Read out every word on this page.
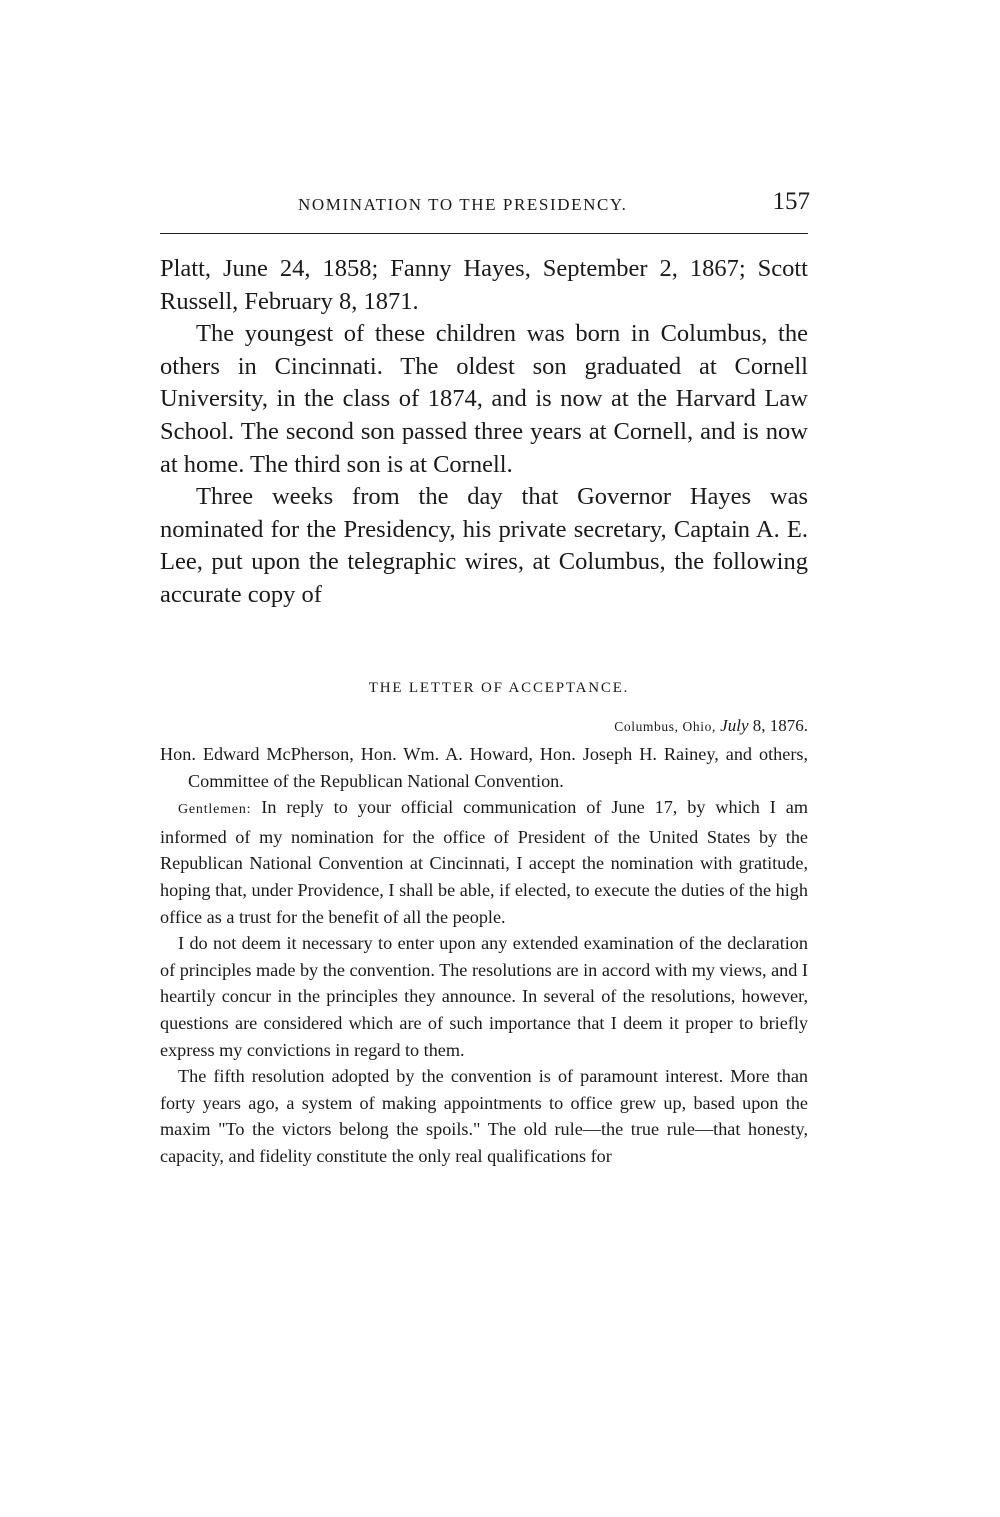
NOMINATION TO THE PRESIDENCY.	157

Platt, June 24, 1858; Fanny Hayes, September 2, 1867; Scott Russell, February 8, 1871.

The youngest of these children was born in Columbus, the others in Cincinnati. The oldest son graduated at Cornell University, in the class of 1874, and is now at the Harvard Law School. The second son passed three years at Cornell, and is now at home. The third son is at Cornell.

Three weeks from the day that Governor Hayes was nominated for the Presidency, his private secretary, Captain A. E. Lee, put upon the telegraphic wires, at Columbus, the following accurate copy of

THE LETTER OF ACCEPTANCE.
Columbus, Ohio, July 8, 1876.

Hon. Edward McPherson, Hon. Wm. A. Howard, Hon. Joseph H. Rainey, and others, Committee of the Republican National Convention.

Gentlemen: In reply to your official communication of June 17, by which I am informed of my nomination for the office of President of the United States by the Republican National Convention at Cincinnati, I accept the nomination with gratitude, hoping that, under Providence, I shall be able, if elected, to execute the duties of the high office as a trust for the benefit of all the people.

I do not deem it necessary to enter upon any extended examination of the declaration of principles made by the convention. The resolutions are in accord with my views, and I heartily concur in the principles they announce. In several of the resolutions, however, questions are considered which are of such importance that I deem it proper to briefly express my convictions in regard to them.

The fifth resolution adopted by the convention is of paramount interest. More than forty years ago, a system of making appointments to office grew up, based upon the maxim "To the victors belong the spoils." The old rule—the true rule—that honesty, capacity, and fidelity constitute the only real qualifications for
